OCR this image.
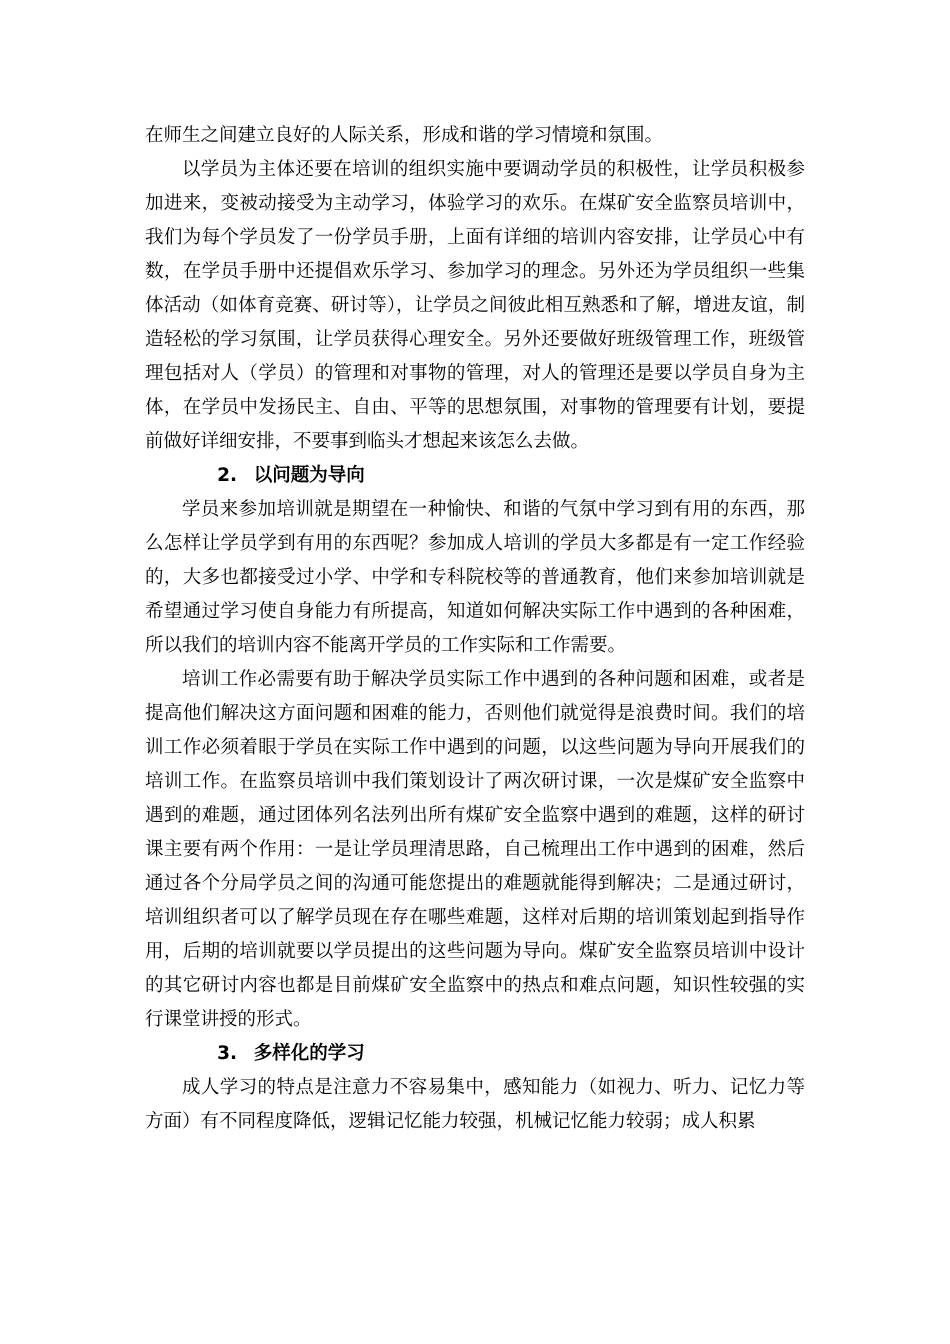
在师生之间建立良好的人际关系，形成和谐的学习情境和氛围。

以学员为主体还要在培训的组织实施中要调动学员的积极性，让学员积极参加进来，变被动接受为主动学习，体验学习的欢乐。在煤矿安全监察员培训中，我们为每个学员发了一份学员手册，上面有详细的培训内容安排，让学员心中有数，在学员手册中还提倡欢乐学习、参加学习的理念。另外还为学员组织一些集体活动（如体育竞赛、研讨等），让学员之间彼此相互熟悉和了解，增进友谊，制造轻松的学习氛围，让学员获得心理安全。另外还要做好班级管理工作，班级管理包括对人（学员）的管理和对事物的管理，对人的管理还是要以学员自身为主体，在学员中发扬民主、自由、平等的思想氛围，对事物的管理要有计划，要提前做好详细安排，不要事到临头才想起来该怎么去做。

2. 以问题为导向

学员来参加培训就是期望在一种愉快、和谐的气氛中学习到有用的东西，那么怎样让学员学到有用的东西呢？参加成人培训的学员大多都是有一定工作经验的，大多也都接受过小学、中学和专科院校等的普通教育，他们来参加培训就是希望通过学习使自身能力有所提高，知道如何解决实际工作中遇到的各种困难，所以我们的培训内容不能离开学员的工作实际和工作需要。

培训工作必需要有助于解决学员实际工作中遇到的各种问题和困难，或者是提高他们解决这方面问题和困难的能力，否则他们就觉得是浪费时间。我们的培训工作必须着眼于学员在实际工作中遇到的问题，以这些问题为导向开展我们的培训工作。在监察员培训中我们策划设计了两次研讨课，一次是煤矿安全监察中遇到的难题，通过团体列名法列出所有煤矿安全监察中遇到的难题，这样的研讨课主要有两个作用：一是让学员理清思路，自己梳理出工作中遇到的困难，然后通过各个分局学员之间的沟通可能您提出的难题就能得到解决；二是通过研讨，培训组织者可以了解学员现在存在哪些难题，这样对后期的培训策划起到指导作用，后期的培训就要以学员提出的这些问题为导向。煤矿安全监察员培训中设计的其它研讨内容也都是目前煤矿安全监察中的热点和难点问题，知识性较强的实行课堂讲授的形式。

3. 多样化的学习

成人学习的特点是注意力不容易集中，感知能力（如视力、听力、记忆力等方面）有不同程度降低，逻辑记忆能力较强，机械记忆能力较弱；成人积累
